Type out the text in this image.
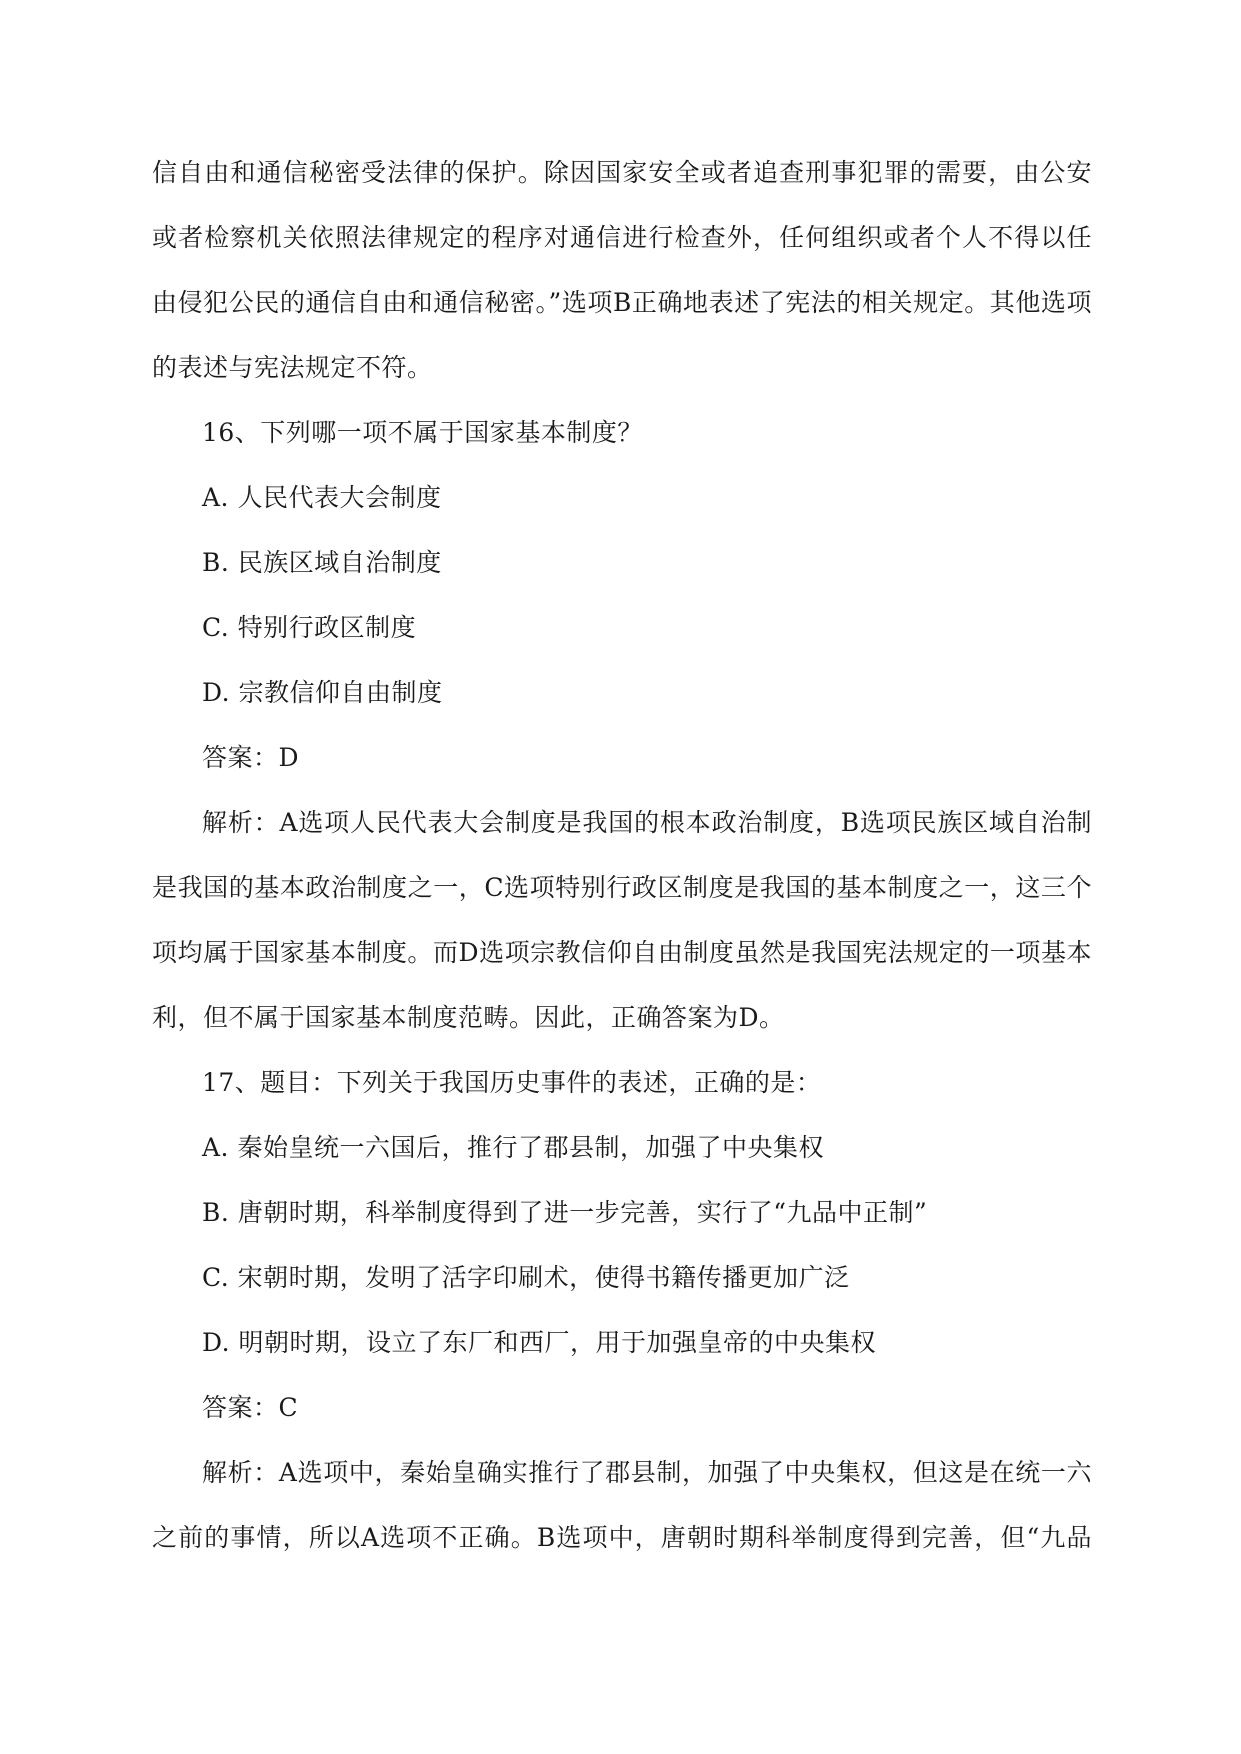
信自由和通信秘密受法律的保护。除因国家安全或者追查刑事犯罪的需要，由公安
或者检察机关依照法律规定的程序对通信进行检查外，任何组织或者个人不得以任
由侵犯公民的通信自由和通信秘密。”选项B正确地表述了宪法的相关规定。其他选项
的表述与宪法规定不符。
16、下列哪一项不属于国家基本制度？
A. 人民代表大会制度
B. 民族区域自治制度
C. 特别行政区制度
D. 宗教信仰自由制度
答案：D
解析：A选项人民代表大会制度是我国的根本政治制度，B选项民族区域自治制
是我国的基本政治制度之一，C选项特别行政区制度是我国的基本制度之一，这三个
项均属于国家基本制度。而D选项宗教信仰自由制度虽然是我国宪法规定的一项基本
利，但不属于国家基本制度范畴。因此，正确答案为D。
17、题目：下列关于我国历史事件的表述，正确的是：
A. 秦始皇统一六国后，推行了郡县制，加强了中央集权
B. 唐朝时期，科举制度得到了进一步完善，实行了“九品中正制”
C. 宋朝时期，发明了活字印刷术，使得书籍传播更加广泛
D. 明朝时期，设立了东厂和西厂，用于加强皇帝的中央集权
答案：C
解析：A选项中，秦始皇确实推行了郡县制，加强了中央集权，但这是在统一六
之前的事情，所以A选项不正确。B选项中，唐朝时期科举制度得到完善，但“九品
